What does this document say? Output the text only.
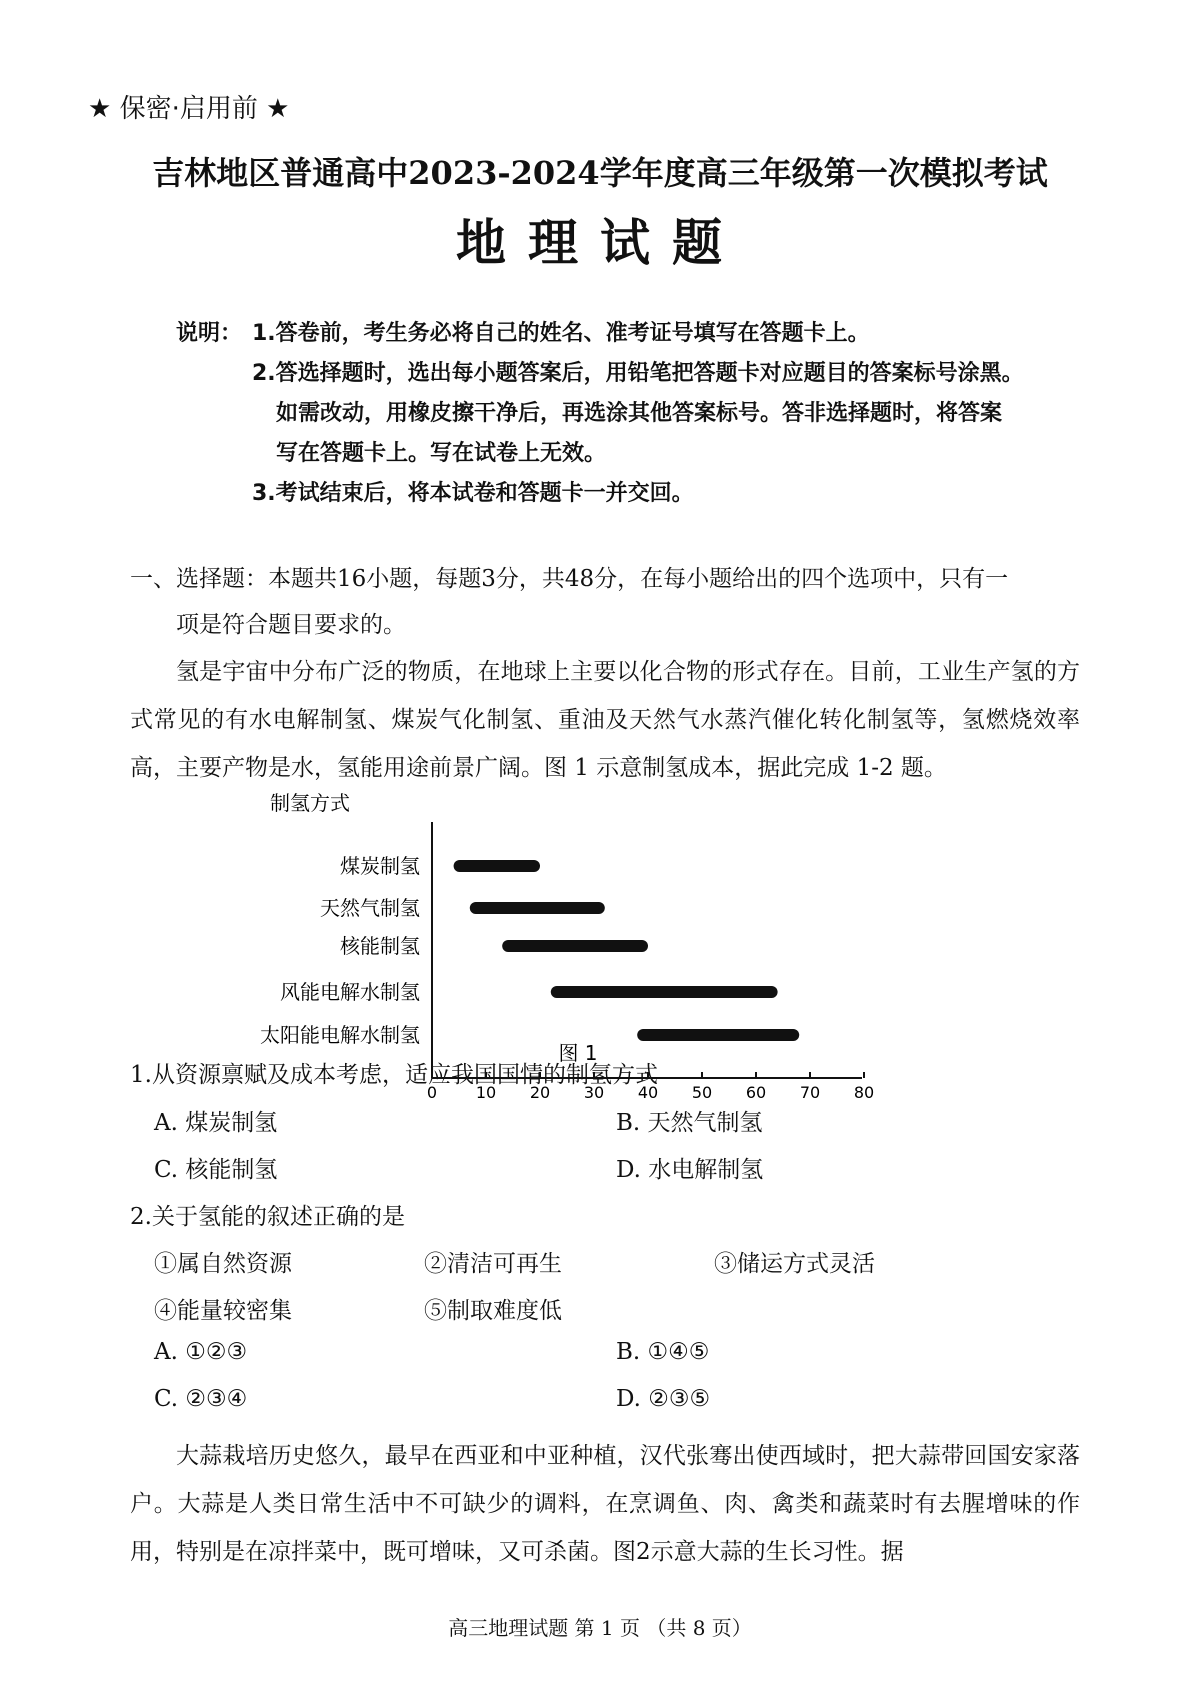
★ 保密·启用前 ★
吉林地区普通高中2023-2024学年度高三年级第一次模拟考试
地理试题
说明： 1.答卷前，考生务必将自己的姓名、准考证号填写在答题卡上。
2.答选择题时，选出每小题答案后，用铅笔把答题卡对应题目的答案标号涂黑。
如需改动，用橡皮擦干净后，再选涂其他答案标号。答非选择题时，将答案
写在答题卡上。写在试卷上无效。
3.考试结束后，将本试卷和答题卡一并交回。
一、选择题：本题共16小题，每题3分，共48分，在每小题给出的四个选项中，只有一
项是符合题目要求的。
氢是宇宙中分布广泛的物质，在地球上主要以化合物的形式存在。目前，工业生产氢的方式常见的有水电解制氢、煤炭气化制氢、重油及天然气水蒸汽催化转化制氢等，氢燃烧效率高，主要产物是水，氢能用途前景广阔。图 1 示意制氢成本，据此完成 1-2 题。
制氢方式
煤炭制氢
天然气制氢
核能制氢
风能电解水制氢
太阳能电解水制氢
0 10 20 30 40 50 60 70 80
图 1
1.从资源禀赋及成本考虑，适应我国国情的制氢方式
A. 煤炭制氢	B. 天然气制氢
C. 核能制氢	D. 水电解制氢
2.关于氢能的叙述正确的是
①属自然资源	②清洁可再生	③储运方式灵活
④能量较密集	⑤制取难度低
A. ①②③	B. ①④⑤
C. ②③④	D. ②③⑤
大蒜栽培历史悠久，最早在西亚和中亚种植，汉代张骞出使西域时，把大蒜带回国安家落户。大蒜是人类日常生活中不可缺少的调料，在烹调鱼、肉、禽类和蔬菜时有去腥增味的作用，特别是在凉拌菜中，既可增味，又可杀菌。图2示意大蒜的生长习性。据
高三地理试题 第 1 页 （共 8 页）
